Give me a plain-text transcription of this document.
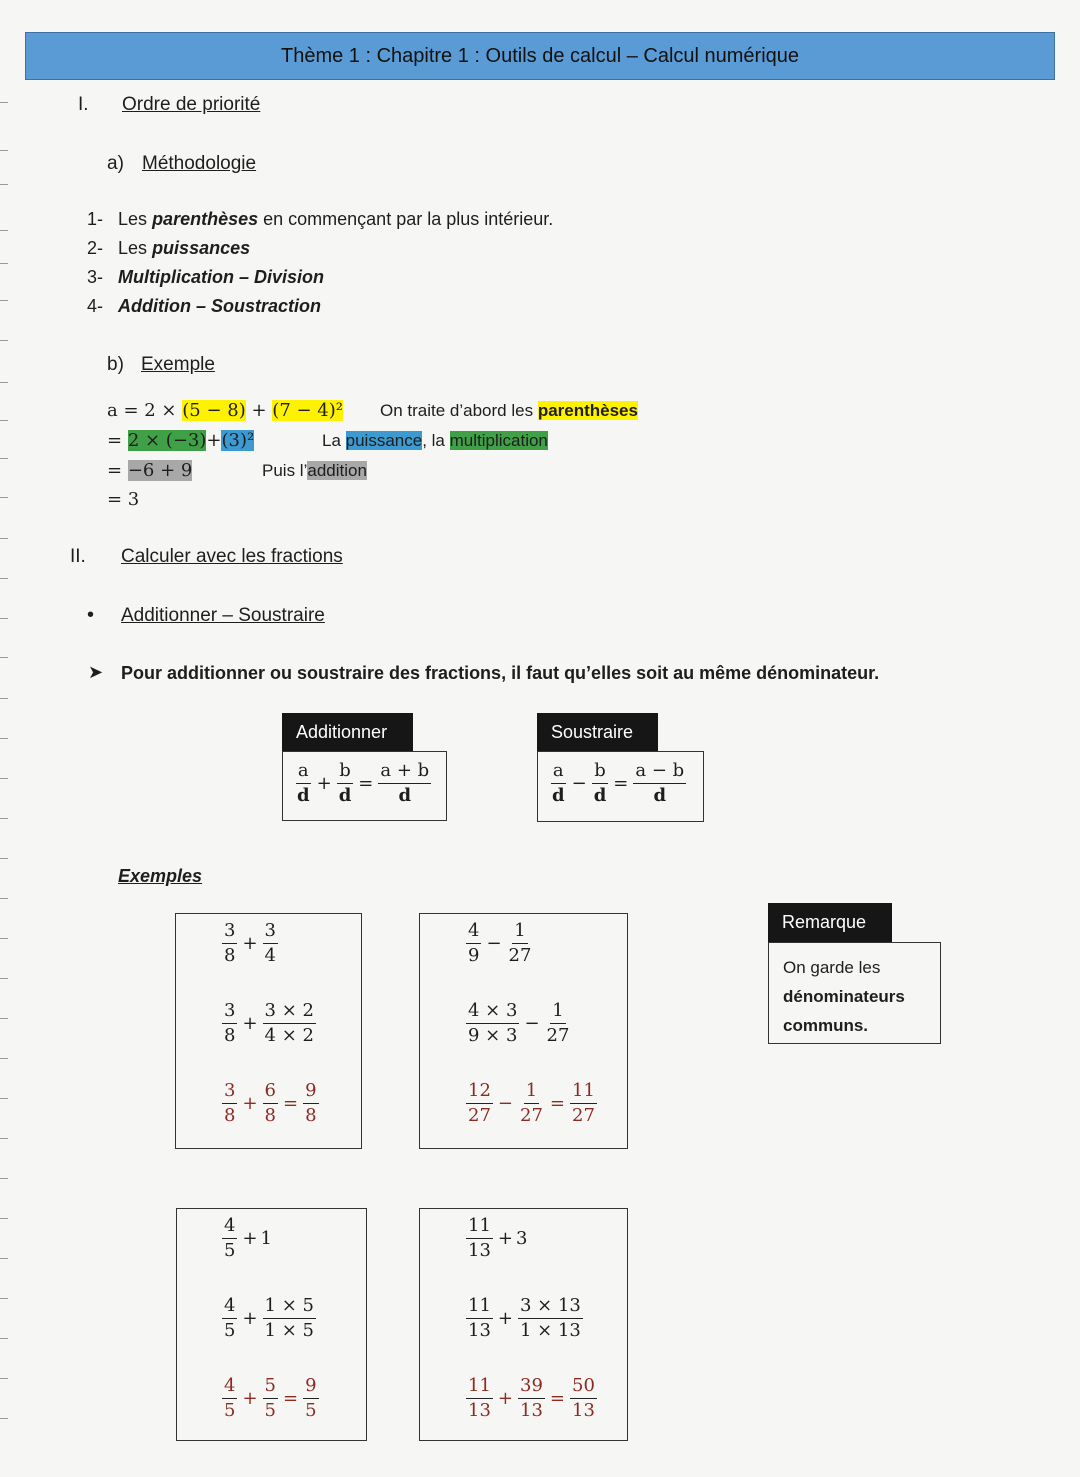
Thème 1 : Chapitre 1 : Outils de calcul – Calcul numérique
I. Ordre de priorité
a) Méthodologie
1- Les parenthèses en commençant par la plus intérieur.
2- Les puissances
3- Multiplication – Division
4- Addition – Soustraction
b) Exemple
a = 2 × (5 − 8) + (7 − 4)²
= 2 × (−3)+(3)²
= −6 + 9
= 3
On traite d’abord les parenthèses
La puissance, la multiplication
Puis l’addition
II. Calculer avec les fractions
• Additionner – Soustraire
➤ Pour additionner ou soustraire des fractions, il faut qu’elles soit au même dénominateur.
Additionner
$\frac{a}{d} + \frac{b}{d} = \frac{a + b}{d}$
Soustraire
$\frac{a}{d} - \frac{b}{d} = \frac{a - b}{d}$
Exemples
Remarque
On garde les
dénominateurs
communs.
$\frac{3}{8} + \frac{3}{4}$
$\frac{3}{8} + \frac{3 \times 2}{4 \times 2}$
$\frac{3}{8} + \frac{6}{8} = \frac{9}{8}$
$\frac{4}{9} - \frac{1}{27}$
$\frac{4 \times 3}{9 \times 3} - \frac{1}{27}$
$\frac{12}{27} - \frac{1}{27} = \frac{11}{27}$
$\frac{4}{5} + 1$
$\frac{4}{5} + \frac{1 \times 5}{1 \times 5}$
$\frac{4}{5} + \frac{5}{5} = \frac{9}{5}$
$\frac{11}{13} + 3$
$\frac{11}{13} + \frac{3 \times 13}{1 \times 13}$
$\frac{11}{13} + \frac{39}{13} = \frac{50}{13}$
